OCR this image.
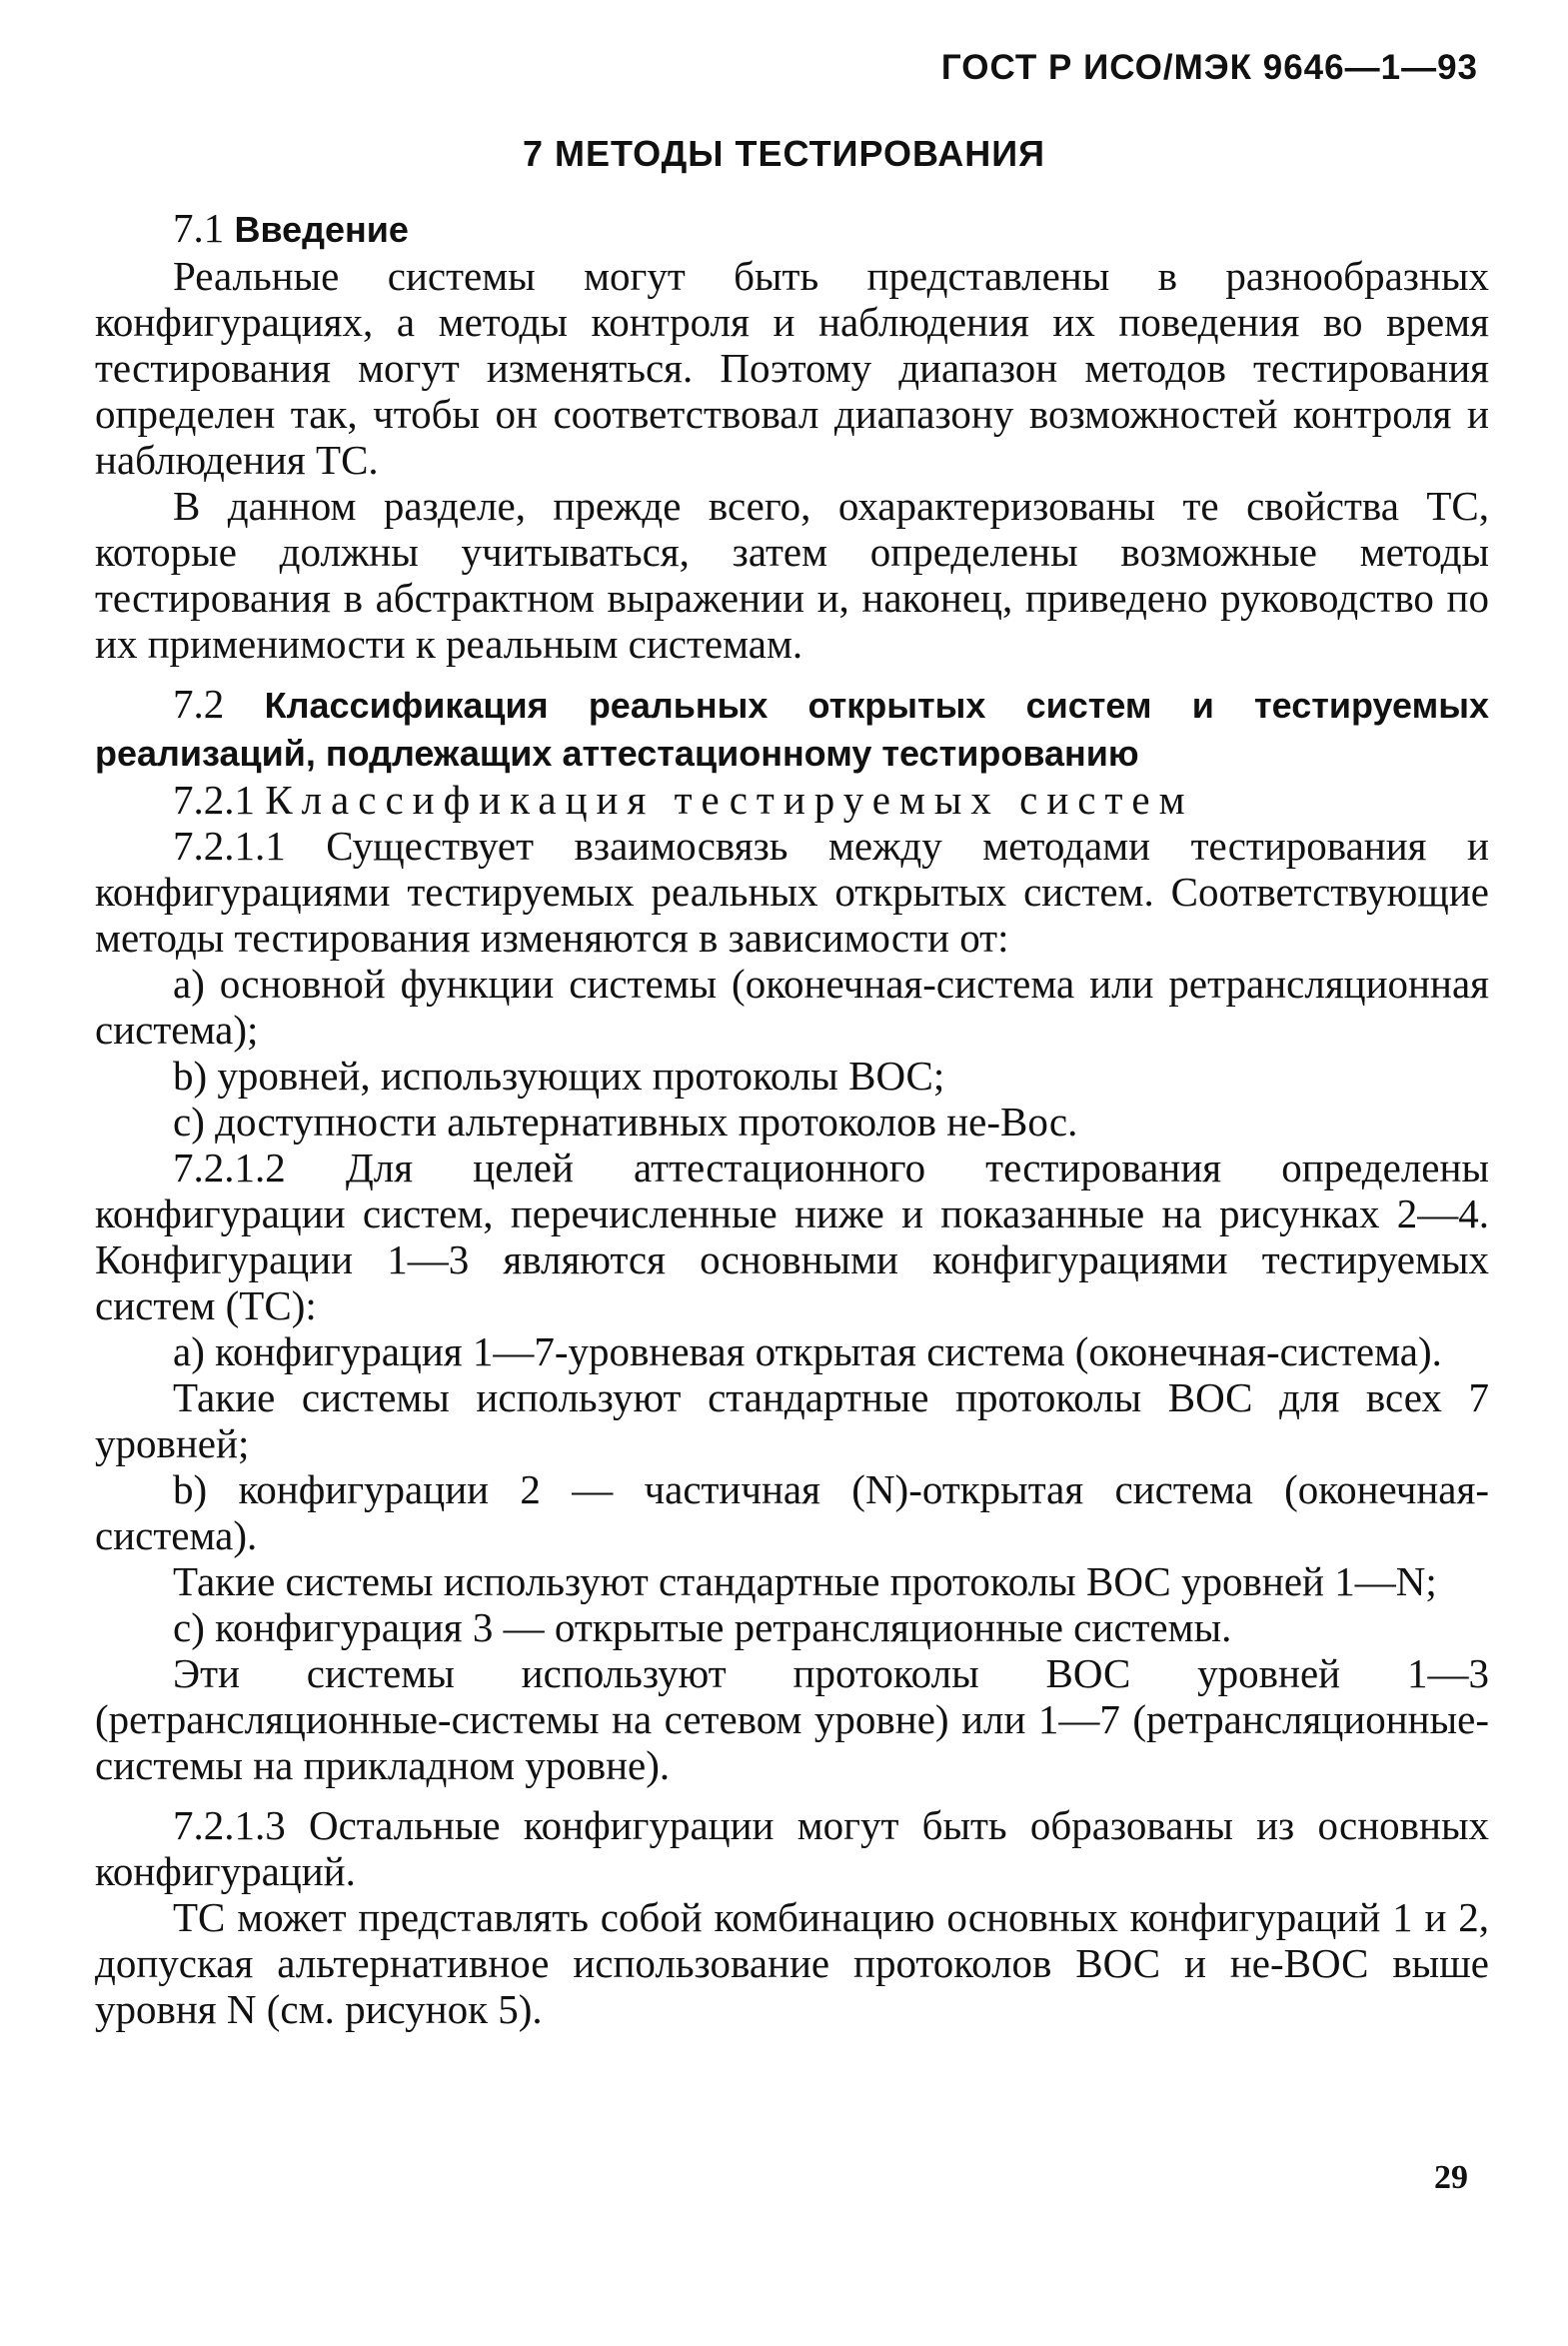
ГОСТ Р ИСО/МЭК 9646—1—93
7 МЕТОДЫ ТЕСТИРОВАНИЯ

7.1 Введение

Реальные системы могут быть представлены в разнообразных конфигурациях, а методы контроля и наблюдения их поведения во время тестирования могут изменяться. Поэтому диапазон методов тестирования определен так, чтобы он соответствовал диапазону возможностей контроля и наблюдения ТС.

В данном разделе, прежде всего, охарактеризованы те свойства ТС, которые должны учитываться, затем определены возможные методы тестирования в абстрактном выражении и, наконец, приведено руководство по их применимости к реальным системам.

7.2 Классификация реальных открытых систем и тестируемых реализаций, подлежащих аттестационному тестированию

7.2.1 Классификация тестируемых систем

7.2.1.1 Существует взаимосвязь между методами тестирования и конфигурациями тестируемых реальных открытых систем. Соответствующие методы тестирования изменяются в зависимости от:

а) основной функции системы (оконечная-система или ретрансляционная система);

b) уровней, использующих протоколы ВОС;

с) доступности альтернативных протоколов не-Вос.

7.2.1.2 Для целей аттестационного тестирования определены конфигурации систем, перечисленные ниже и показанные на рисунках 2—4. Конфигурации 1—3 являются основными конфигурациями тестируемых систем (ТС):

а) конфигурация 1—7-уровневая открытая система (оконечная-система).

Такие системы используют стандартные протоколы ВОС для всех 7 уровней;

b) конфигурации 2 — частичная (N)-открытая система (оконечная-система).

Такие системы используют стандартные протоколы ВОС уровней 1—N;

с) конфигурация 3 — открытые ретрансляционные системы.

Эти системы используют протоколы ВОС уровней 1—3 (ретрансляционные-системы на сетевом уровне) или 1—7 (ретрансляционные-системы на прикладном уровне).

7.2.1.3 Остальные конфигурации могут быть образованы из основных конфигураций.

ТС может представлять собой комбинацию основных конфигураций 1 и 2, допуская альтернативное использование протоколов ВОС и не-ВОС выше уровня N (см. рисунок 5).

29
